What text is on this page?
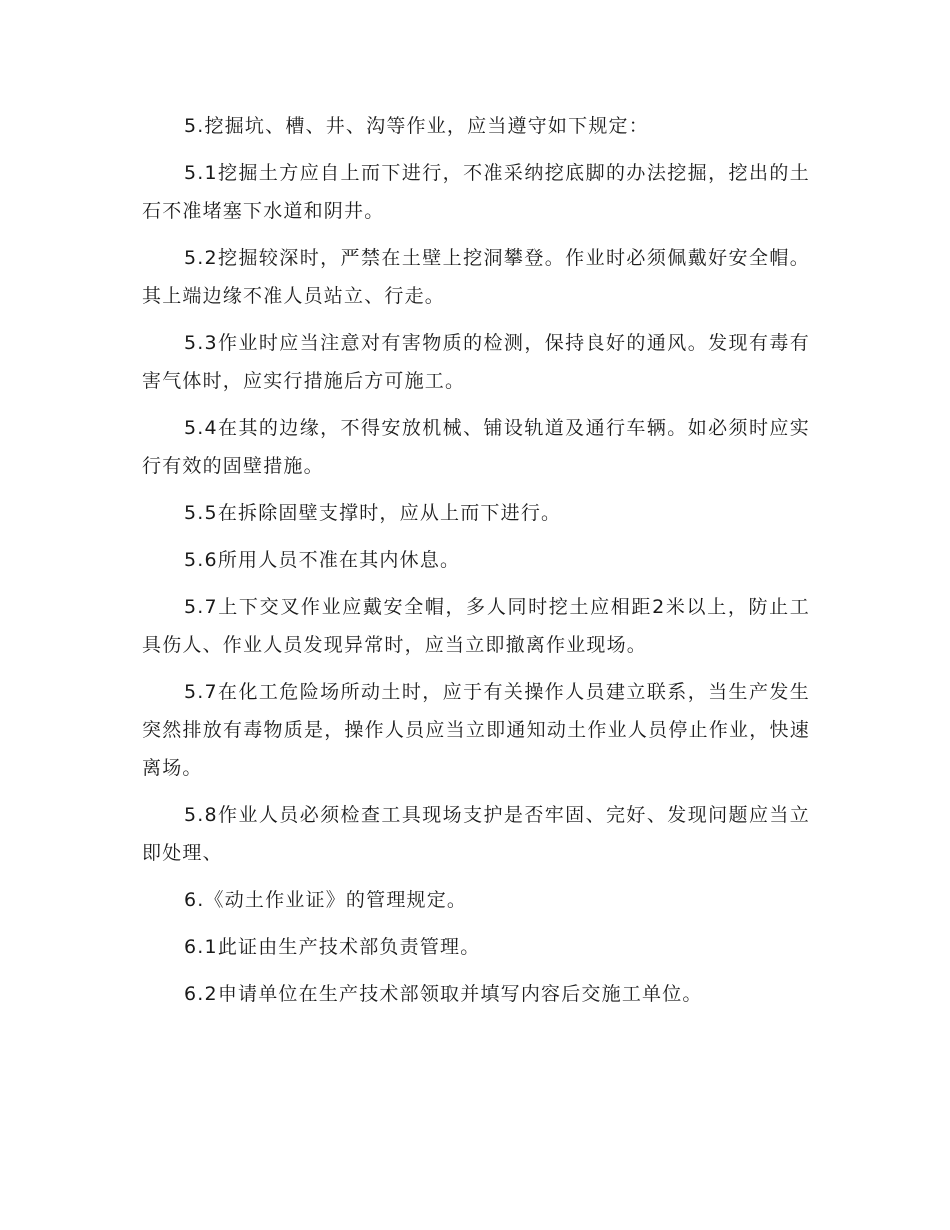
5.挖掘坑、槽、井、沟等作业，应当遵守如下规定：

5.1挖掘土方应自上而下进行，不准采纳挖底脚的办法挖掘，挖出的土石不准堵塞下水道和阴井。

5.2挖掘较深时，严禁在土壁上挖洞攀登。作业时必须佩戴好安全帽。其上端边缘不准人员站立、行走。

5.3作业时应当注意对有害物质的检测，保持良好的通风。发现有毒有害气体时，应实行措施后方可施工。

5.4在其的边缘，不得安放机械、铺设轨道及通行车辆。如必须时应实行有效的固壁措施。

5.5在拆除固壁支撑时，应从上而下进行。

5.6所用人员不准在其内休息。

5.7上下交叉作业应戴安全帽，多人同时挖土应相距2米以上，防止工具伤人、作业人员发现异常时，应当立即撤离作业现场。

5.7在化工危险场所动土时，应于有关操作人员建立联系，当生产发生突然排放有毒物质是，操作人员应当立即通知动土作业人员停止作业，快速离场。

5.8作业人员必须检查工具现场支护是否牢固、完好、发现问题应当立即处理、

6.《动土作业证》的管理规定。

6.1此证由生产技术部负责管理。

6.2申请单位在生产技术部领取并填写内容后交施工单位。
